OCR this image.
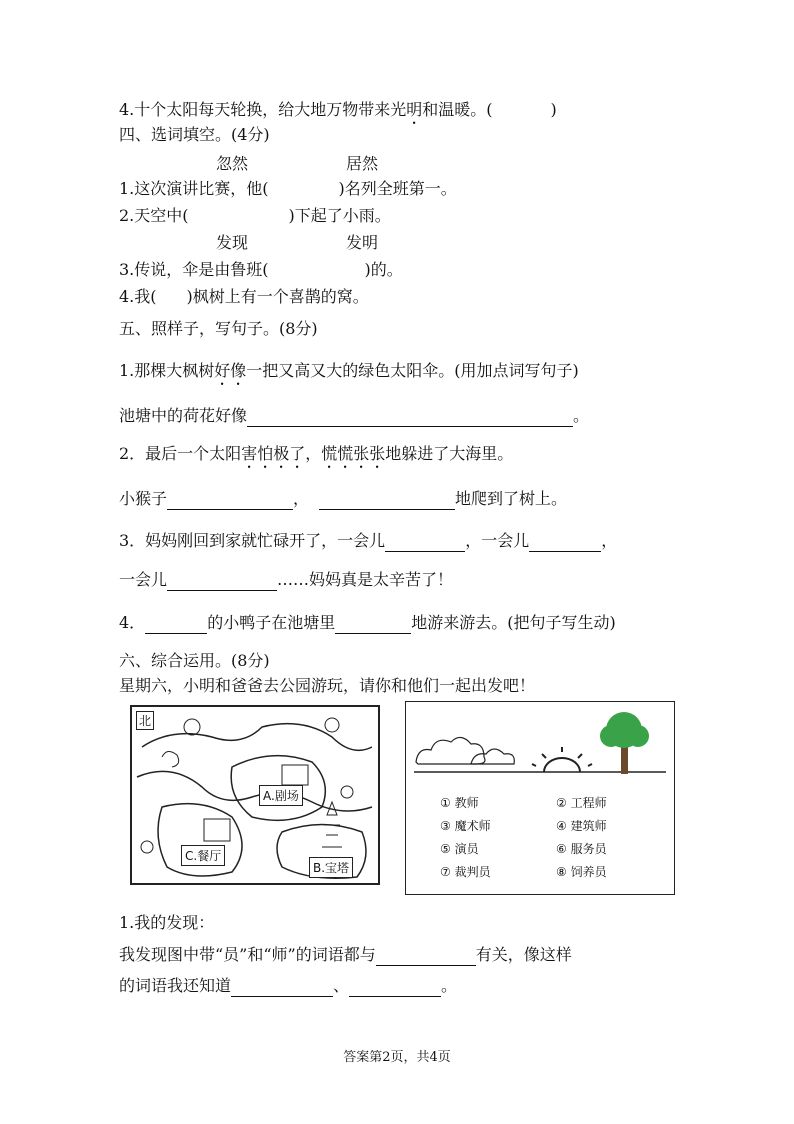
4.十个太阳每天轮换，给大地万物带来光明和温暖。(	)
四、选词填空。(4分)
忽然	居然
1.这次演讲比赛，他(	)名列全班第一。
2.天空中(	)下起了小雨。
发现	发明
3.传说，伞是由鲁班(	)的。
4.我( )枫树上有一个喜鹊的窝。
五、照样子，写句子。(8分)
1.那棵大枫树好像一把又高又大的绿色太阳伞。(用加点词写句子)
池塘中的荷花好像	。
2．最后一个太阳害怕极了，慌慌张张地躲进了大海里。
小猴子	，	地爬到了树上。
3．妈妈刚回到家就忙碌开了，一会儿	，一会儿	，
一会儿	……妈妈真是太辛苦了！
4．	的小鸭子在池塘里	地游来游去。(把句子写生动)
六、综合运用。(8分)
星期六，小明和爸爸去公园游玩，请你和他们一起出发吧！
北
A.剧场
C.餐厅
B.宝塔
① 教师	② 工程师
③ 魔术师	④ 建筑师
⑤ 演员	⑥ 服务员
⑦ 裁判员	⑧ 饲养员
1.我的发现：
我发现图中带“员”和“师”的词语都与	有关，像这样
的词语我还知道	、	。
答案第2页，共4页
